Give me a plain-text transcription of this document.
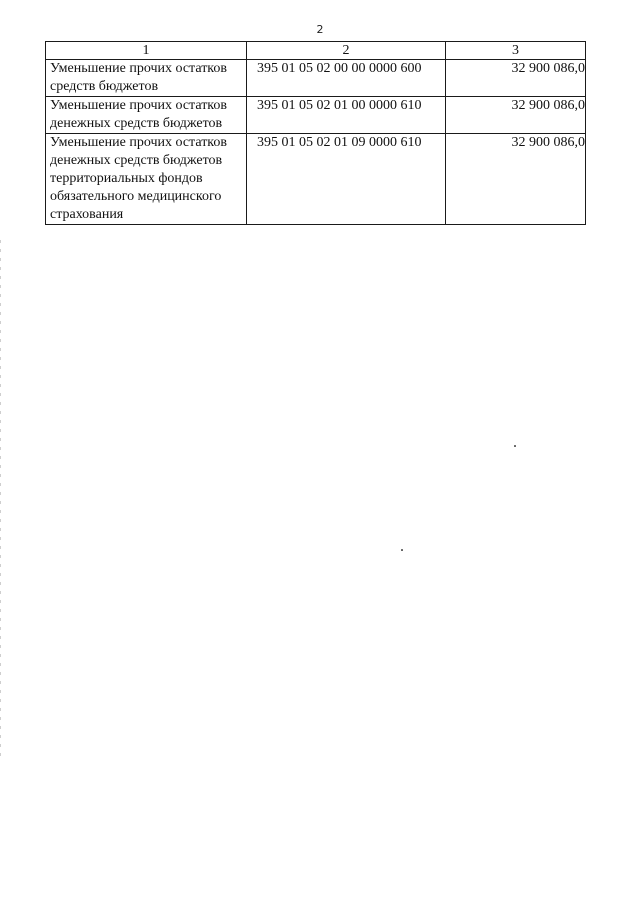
2
1	2	3
Уменьшение прочих остатков средств бюджетов	395 01 05 02 00 00 0000 600	32 900 086,0
Уменьшение прочих остатков денежных средств бюджетов	395 01 05 02 01 00 0000 610	32 900 086,0
Уменьшение прочих остатков денежных средств бюджетов территориальных фондов обязательного медицинского страхования	395 01 05 02 01 09 0000 610	32 900 086,0
